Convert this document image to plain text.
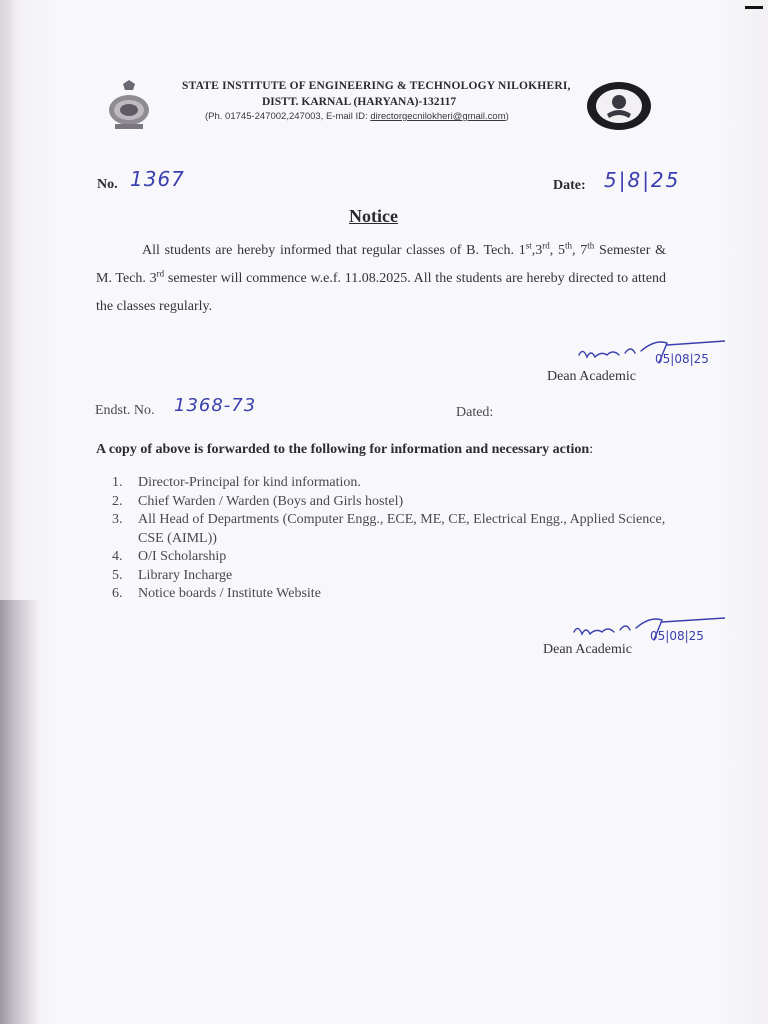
STATE INSTITUTE OF ENGINEERING & TECHNOLOGY NILOKHERI,
DISTT. KARNAL (HARYANA)-132117
(Ph. 01745-247002,247003, E-mail ID: directorgecnilokheri@gmail.com)
No. 1367	Date: 5|8|25
Notice
All students are hereby informed that regular classes of B. Tech. 1st,3rd, 5th, 7th Semester & M. Tech. 3rd semester will commence w.e.f. 11.08.2025. All the students are hereby directed to attend the classes regularly.
05|08|25
Dean Academic
Endst. No. 1368-73	Dated:
A copy of above is forwarded to the following for information and necessary action:
1. Director-Principal for kind information.
2. Chief Warden / Warden (Boys and Girls hostel)
3. All Head of Departments (Computer Engg., ECE, ME, CE, Electrical Engg., Applied Science, CSE (AIML))
4. O/I Scholarship
5. Library Incharge
6. Notice boards / Institute Website
05|08|25
Dean Academic
